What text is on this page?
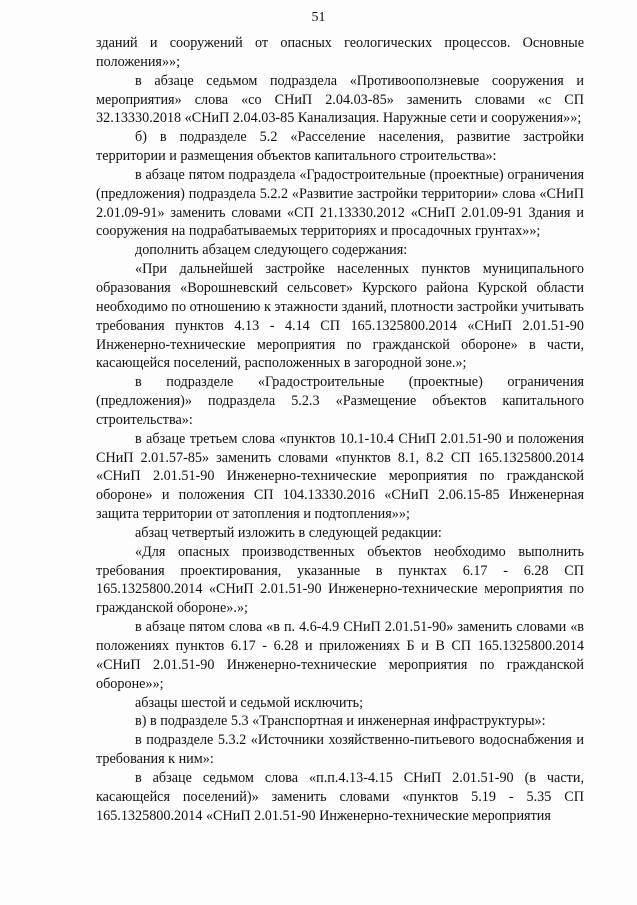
51

зданий и сооружений от опасных геологических процессов. Основные положения»»;

в абзаце седьмом подраздела «Противооползневые сооружения и мероприятия» слова «со СНиП 2.04.03-85» заменить словами «с СП 32.13330.2018 «СНиП 2.04.03-85 Канализация. Наружные сети и сооружения»»;

б) в подразделе 5.2 «Расселение населения, развитие застройки территории и размещения объектов капитального строительства»:

в абзаце пятом подраздела «Градостроительные (проектные) ограничения (предложения) подраздела 5.2.2 «Развитие застройки территории» слова «СНиП 2.01.09-91» заменить словами «СП 21.13330.2012 «СНиП 2.01.09-91 Здания и сооружения на подрабатываемых территориях и просадочных грунтах»»;

дополнить абзацем следующего содержания:

«При дальнейшей застройке населенных пунктов муниципального образования «Ворошневский сельсовет» Курского района Курской области необходимо по отношению к этажности зданий, плотности застройки учитывать требования пунктов 4.13 - 4.14 СП 165.1325800.2014 «СНиП 2.01.51-90 Инженерно-технические мероприятия по гражданской обороне» в части, касающейся поселений, расположенных в загородной зоне.»;

в подразделе «Градостроительные (проектные) ограничения (предложения)» подраздела 5.2.3 «Размещение объектов капитального строительства»:

в абзаце третьем слова «пунктов 10.1-10.4 СНиП 2.01.51-90 и положения СНиП 2.01.57-85» заменить словами «пунктов 8.1, 8.2 СП 165.1325800.2014 «СНиП 2.01.51-90 Инженерно-технические мероприятия по гражданской обороне» и положения СП 104.13330.2016 «СНиП 2.06.15-85 Инженерная защита территории от затопления и подтопления»»;

абзац четвертый изложить в следующей редакции:

«Для опасных производственных объектов необходимо выполнить требования проектирования, указанные в пунктах 6.17 - 6.28 СП 165.1325800.2014 «СНиП 2.01.51-90 Инженерно-технические мероприятия по гражданской обороне».»;

в абзаце пятом слова «в п. 4.6-4.9 СНиП 2.01.51-90» заменить словами «в положениях пунктов 6.17 - 6.28 и приложениях Б и В СП 165.1325800.2014 «СНиП 2.01.51-90 Инженерно-технические мероприятия по гражданской обороне»»;

абзацы шестой и седьмой исключить;

в) в подразделе 5.3 «Транспортная и инженерная инфраструктуры»:

в подразделе 5.3.2 «Источники хозяйственно-питьевого водоснабжения и требования к ним»:

в абзаце седьмом слова «п.п.4.13-4.15 СНиП 2.01.51-90 (в части, касающейся поселений)» заменить словами «пунктов 5.19 - 5.35 СП 165.1325800.2014 «СНиП 2.01.51-90 Инженерно-технические мероприятия
